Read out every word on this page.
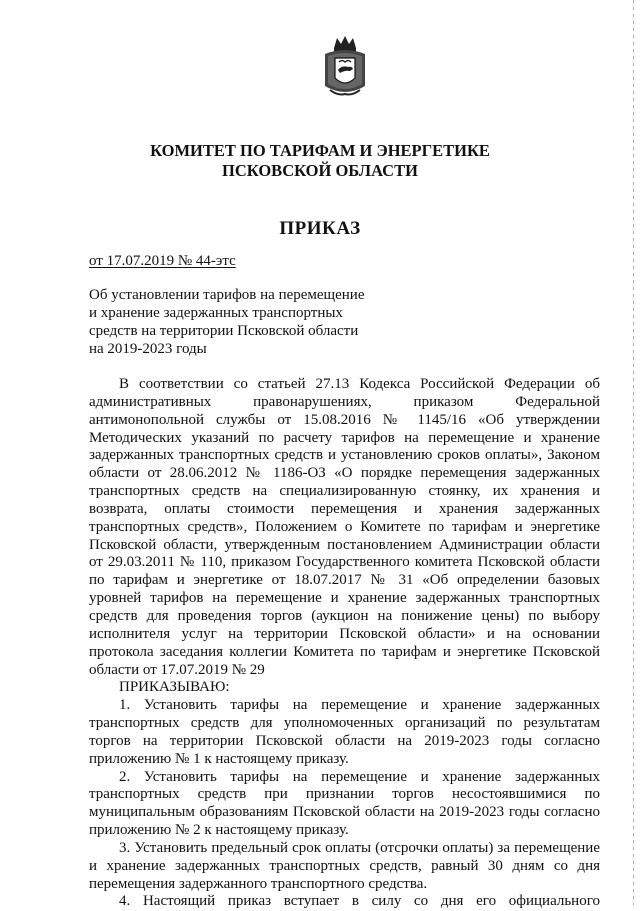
КОМИТЕТ ПО ТАРИФАМ И ЭНЕРГЕТИКЕ
ПСКОВСКОЙ ОБЛАСТИ
ПРИКАЗ
от 17.07.2019 № 44-этс
Об установлении тарифов на перемещение
и хранение задержанных транспортных
средств на территории Псковской области
на 2019-2023 годы

В соответствии со статьей 27.13 Кодекса Российской Федерации об административных правонарушениях, приказом Федеральной антимонопольной службы от 15.08.2016 № 1145/16 «Об утверждении Методических указаний по расчету тарифов на перемещение и хранение задержанных транспортных средств и установлению сроков оплаты», Законом области от 28.06.2012 № 1186-ОЗ «О порядке перемещения задержанных транспортных средств на специализированную стоянку, их хранения и возврата, оплаты стоимости перемещения и хранения задержанных транспортных средств», Положением о Комитете по тарифам и энергетике Псковской области, утвержденным постановлением Администрации области от 29.03.2011 № 110, приказом Государственного комитета Псковской области по тарифам и энергетике от 18.07.2017 № 31 «Об определении базовых уровней тарифов на перемещение и хранение задержанных транспортных средств для проведения торгов (аукцион на понижение цены) по выбору исполнителя услуг на территории Псковской области» и на основании протокола заседания коллегии Комитета по тарифам и энергетике Псковской области от 17.07.2019 № 29

ПРИКАЗЫВАЮ:

1. Установить тарифы на перемещение и хранение задержанных транспортных средств для уполномоченных организаций по результатам торгов на территории Псковской области на 2019-2023 годы согласно приложению № 1 к настоящему приказу.

2. Установить тарифы на перемещение и хранение задержанных транспортных средств при признании торгов несостоявшимися по муниципальным образованиям Псковской области на 2019-2023 годы согласно приложению № 2 к настоящему приказу.

3. Установить предельный срок оплаты (отсрочки оплаты) за перемещение и хранение задержанных транспортных средств, равный 30 дням со дня перемещения задержанного транспортного средства.

4. Настоящий приказ вступает в силу со дня его официального
